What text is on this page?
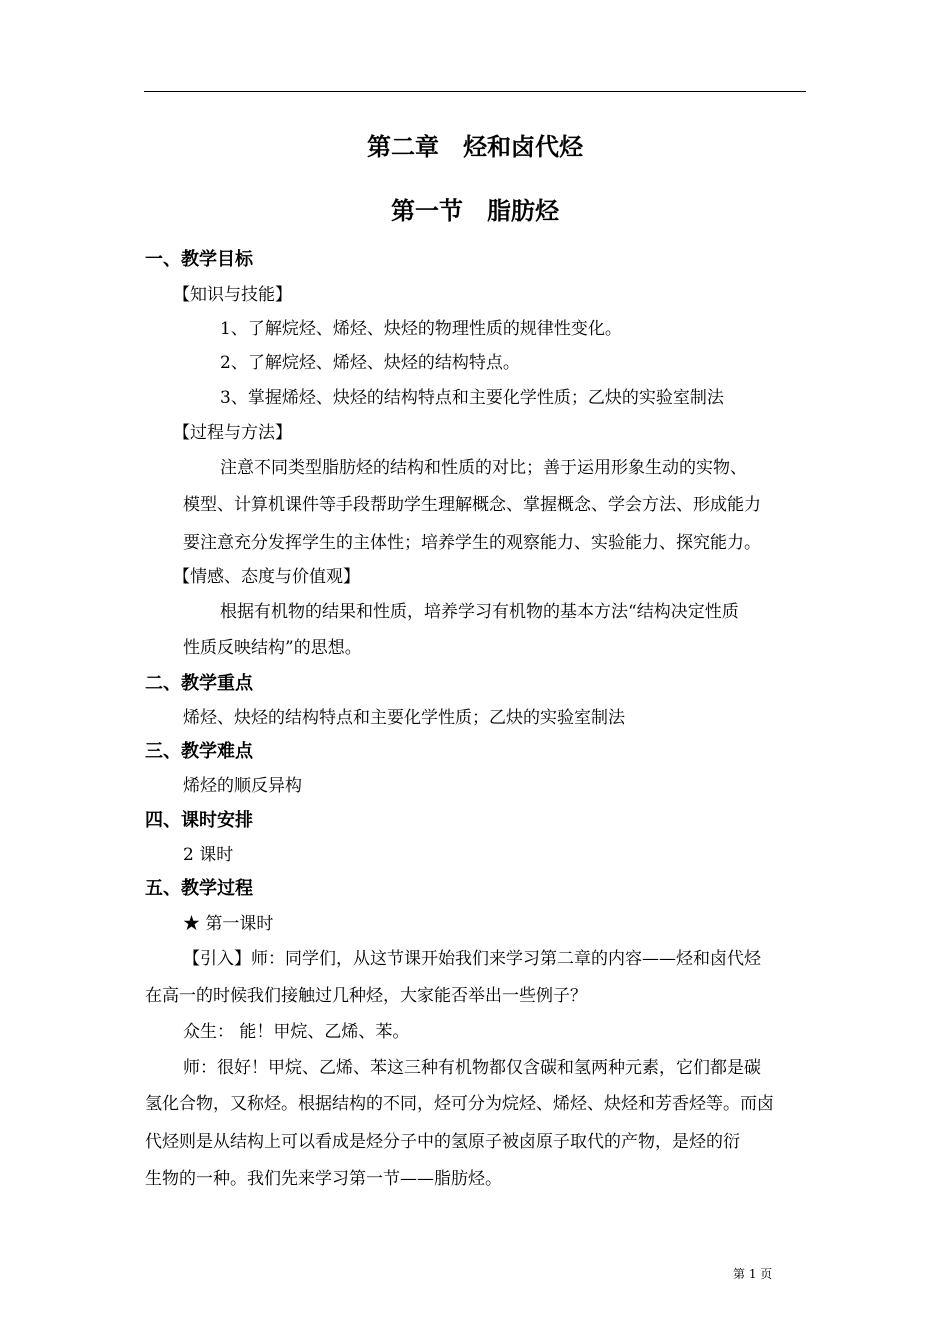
第二章　烃和卤代烃
第一节　脂肪烃
一、教学目标
【知识与技能】
1、了解烷烃、烯烃、炔烃的物理性质的规律性变化。
2、了解烷烃、烯烃、炔烃的结构特点。
3、掌握烯烃、炔烃的结构特点和主要化学性质；乙炔的实验室制法
【过程与方法】
注意不同类型脂肪烃的结构和性质的对比；善于运用形象生动的实物、
模型、计算机课件等手段帮助学生理解概念、掌握概念、学会方法、形成能力
要注意充分发挥学生的主体性；培养学生的观察能力、实验能力、探究能力。
【情感、态度与价值观】
根据有机物的结果和性质，培养学习有机物的基本方法“结构决定性质
性质反映结构”的思想。
二、教学重点
烯烃、炔烃的结构特点和主要化学性质；乙炔的实验室制法
三、教学难点
烯烃的顺反异构
四、课时安排
2 课时
五、教学过程
★ 第一课时
【引入】师：同学们，从这节课开始我们来学习第二章的内容——烃和卤代烃
在高一的时候我们接触过几种烃，大家能否举出一些例子？
众生： 能！甲烷、乙烯、苯。
师：很好！甲烷、乙烯、苯这三种有机物都仅含碳和氢两种元素，它们都是碳
氢化合物，又称烃。根据结构的不同，烃可分为烷烃、烯烃、炔烃和芳香烃等。而卤
代烃则是从结构上可以看成是烃分子中的氢原子被卤原子取代的产物，是烃的衍
生物的一种。我们先来学习第一节——脂肪烃。
第 1 页
